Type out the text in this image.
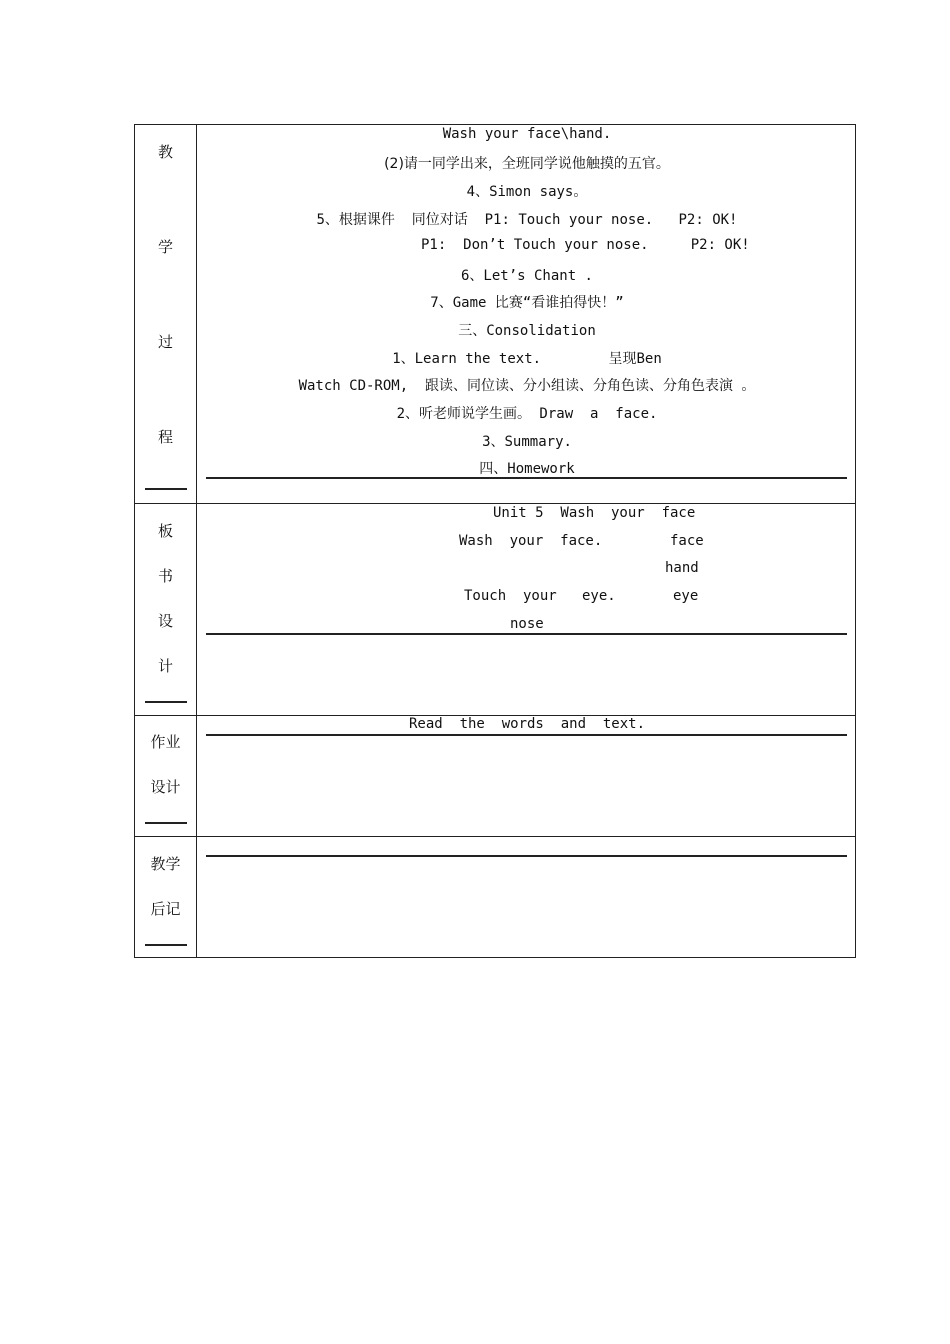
教
学
过
程
Wash your face\hand.
(2)请一同学出来，全班同学说他触摸的五官。
4、Simon says。
5、根据课件  同位对话  P1: Touch your nose.   P2: OK!
P1:  Don’t Touch your nose.     P2: OK!
6、Let’s Chant .
7、Game 比赛“看谁拍得快！”
三、Consolidation
1、Learn the text.        呈现Ben
Watch CD-ROM,  跟读、同位读、分小组读、分角色读、分角色表演 。
2、听老师说学生画。 Draw  a  face.
3、Summary.
四、Homework
板
书
设
计
Unit 5  Wash  your  face
Wash  your  face.	face
hand
Touch  your   eye.	eye
nose
作业
设计
Read  the  words  and  text.
教学
后记
